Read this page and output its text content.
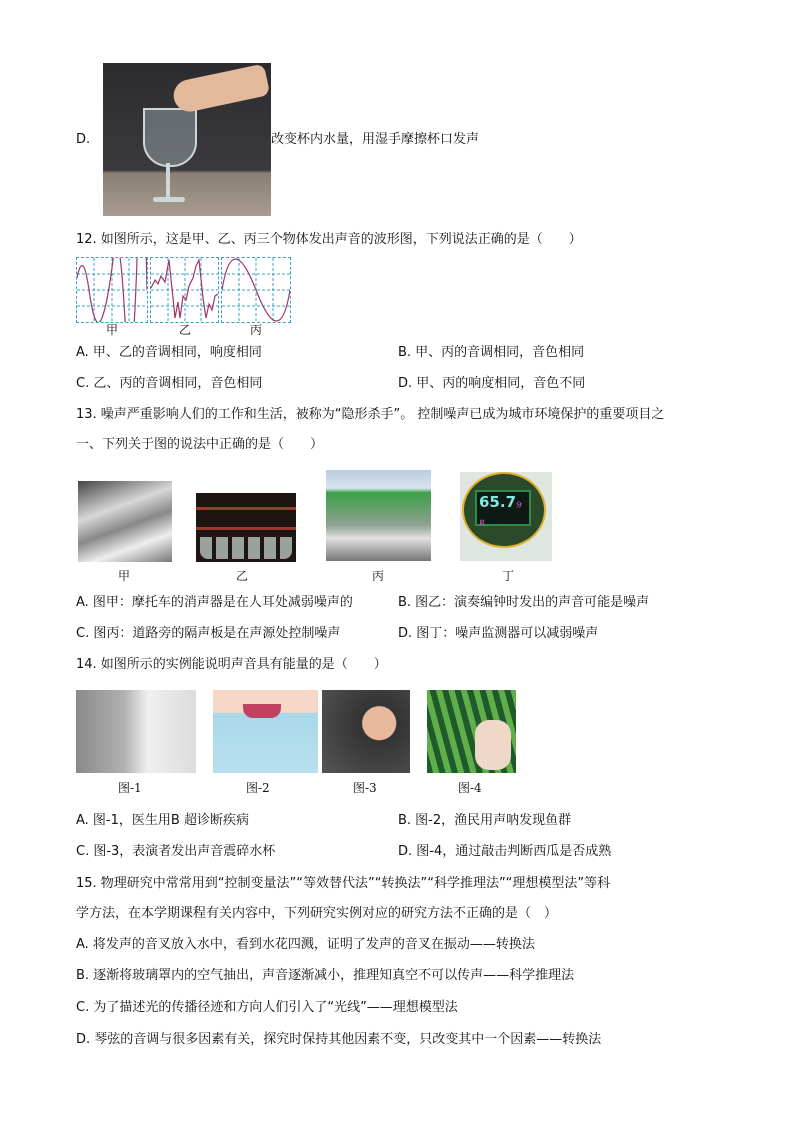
D.	改变杯内水量，用湿手摩擦杯口发声
12. 如图所示，这是甲、乙、丙三个物体发出声音的波形图，下列说法正确的是（　　）
甲	乙	丙
A. 甲、乙的音调相同，响度相同	B. 甲、丙的音调相同，音色相同
C. 乙、丙的音调相同，音色相同	D. 甲、丙的响度相同，音色不同
13. 噪声严重影响人们的工作和生活，被称为“隐形杀手”。 控制噪声已成为城市环境保护的重要项目之
一、下列关于图的说法中正确的是（　　）
65.7分贝
甲	乙	丙	丁
A. 图甲：摩托车的消声器是在人耳处减弱噪声的	B. 图乙：演奏编钟时发出的声音可能是噪声
C. 图丙：道路旁的隔声板是在声源处控制噪声	D. 图丁：噪声监测器可以减弱噪声
14. 如图所示的实例能说明声音具有能量的是（　　）
图-1	图-2	图-3	图-4
A. 图-1，医生用B 超诊断疾病	B. 图-2，渔民用声呐发现鱼群
C. 图-3，表演者发出声音震碎水杯	D. 图-4，通过敲击判断西瓜是否成熟
15. 物理研究中常常用到“控制变量法”“等效替代法”“转换法”“科学推理法”“理想模型法”等科
学方法，在本学期课程有关内容中，下列研究实例对应的研究方法不正确的是（　）
A. 将发声的音叉放入水中，看到水花四溅，证明了发声的音叉在振动——转换法
B. 逐渐将玻璃罩内的空气抽出，声音逐渐减小，推理知真空不可以传声——科学推理法
C. 为了描述光的传播径迹和方向人们引入了“光线”——理想模型法
D. 琴弦的音调与很多因素有关，探究时保持其他因素不变，只改变其中一个因素——转换法
